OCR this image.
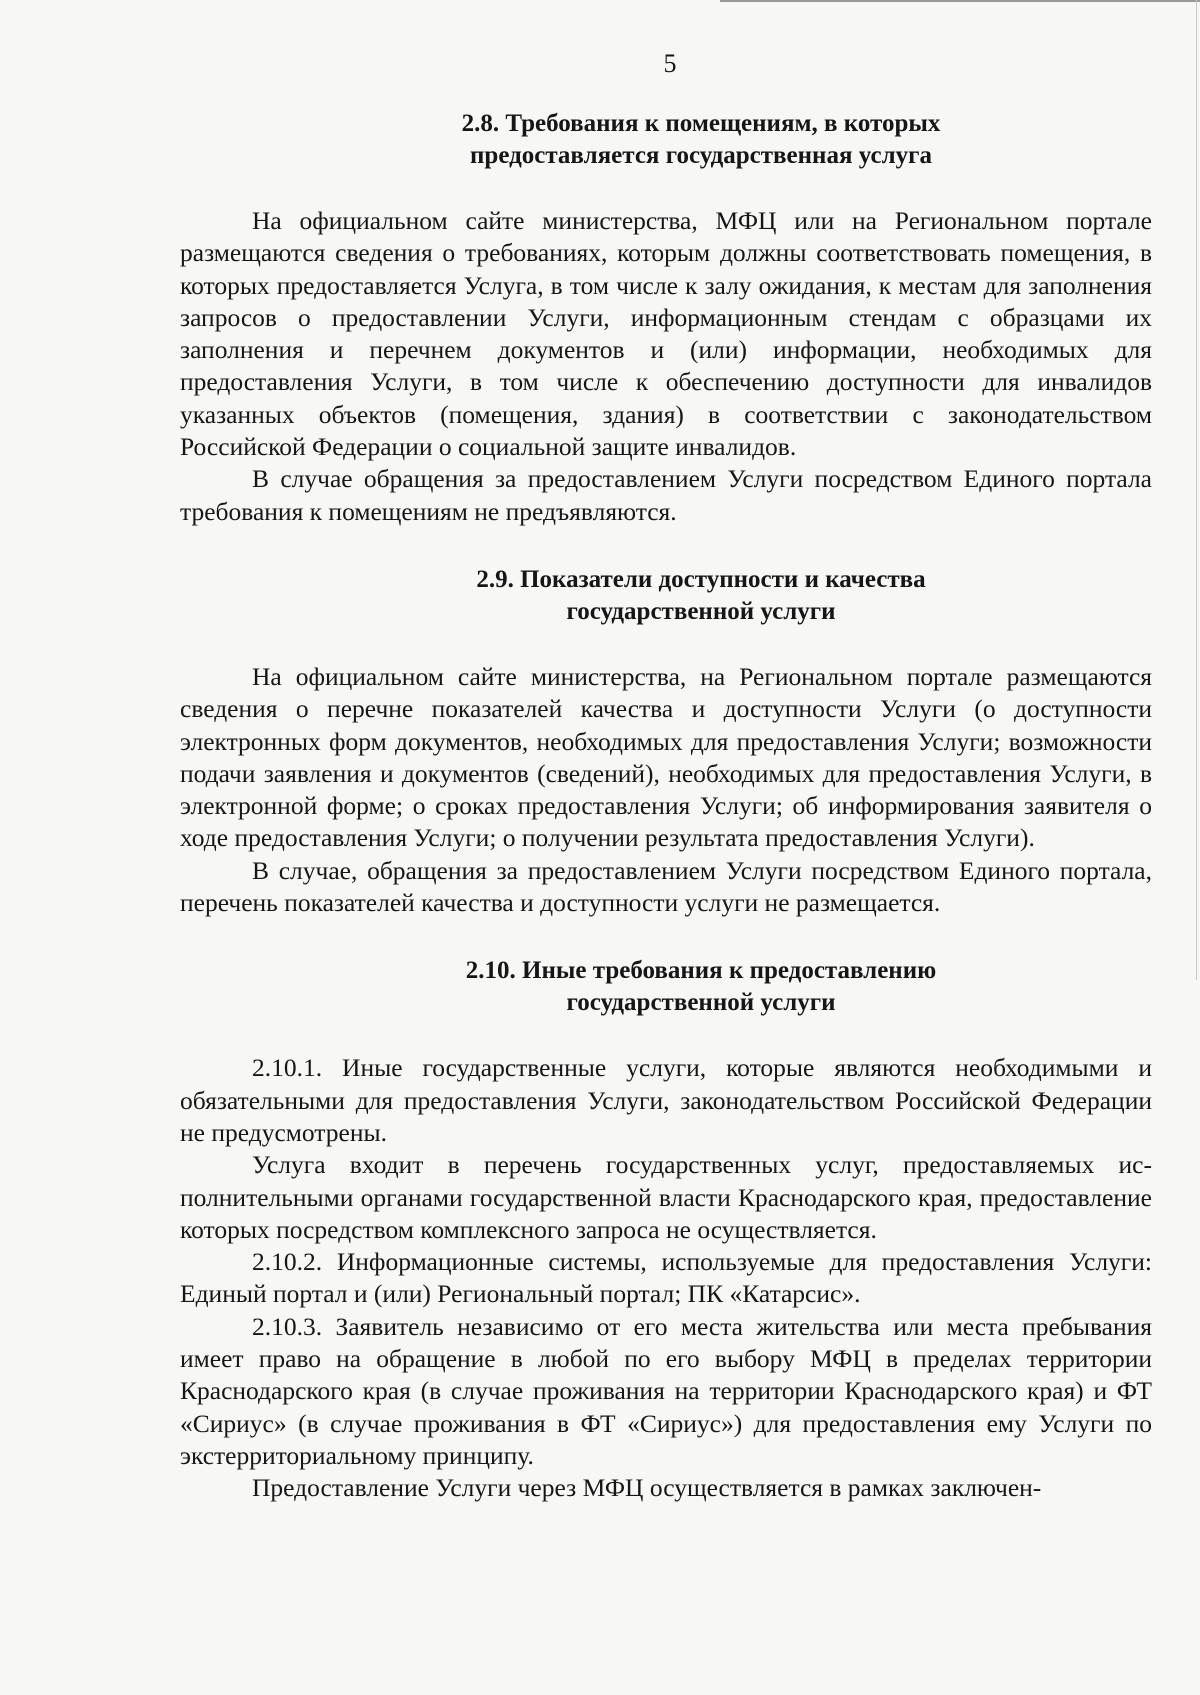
5
2.8. Требования к помещениям, в которых
предоставляется государственная услуга

На официальном сайте министерства, МФЦ или на Региональном портале размещаются сведения о требованиях, которым должны соответствовать помещения, в которых предоставляется Услуга, в том числе к залу ожидания, к местам для заполнения запросов о предоставлении Услуги, информационным стендам с образцами их заполнения и перечнем документов и (или) информации, необходимых для предоставления Услуги, в том числе к обеспечению доступности для инвалидов указанных объектов (помещения, здания) в соответствии с законодательством Российской Федерации о социальной защите инвалидов.

В случае обращения за предоставлением Услуги посредством Единого портала требования к помещениям не предъявляются.

2.9. Показатели доступности и качества
государственной услуги

На официальном сайте министерства, на Региональном портале размещаются сведения о перечне показателей качества и доступности Услуги (о доступности электронных форм документов, необходимых для предоставления Услуги; возможности подачи заявления и документов (сведений), необходимых для предоставления Услуги, в электронной форме; о сроках предоставления Услуги; об информирования заявителя о ходе предоставления Услуги; о получении результата предоставления Услуги).

В случае, обращения за предоставлением Услуги посредством Единого портала, перечень показателей качества и доступности услуги не размещается.

2.10. Иные требования к предоставлению
государственной услуги

2.10.1. Иные государственные услуги, которые являются необходимыми и обязательными для предоставления Услуги, законодательством Российской Федерации не предусмотрены.

Услуга входит в перечень государственных услуг, предоставляемых исполнительными органами государственной власти Краснодарского края, предоставление которых посредством комплексного запроса не осуществляется.

2.10.2. Информационные системы, используемые для предоставления Услуги: Единый портал и (или) Региональный портал; ПК «Катарсис».

2.10.3. Заявитель независимо от его места жительства или места пребывания имеет право на обращение в любой по его выбору МФЦ в пределах территории Краснодарского края (в случае проживания на территории Краснодарского края) и ФТ «Сириус» (в случае проживания в ФТ «Сириус») для предоставления ему Услуги по экстерриториальному принципу.

Предоставление Услуги через МФЦ осуществляется в рамках заключен-
